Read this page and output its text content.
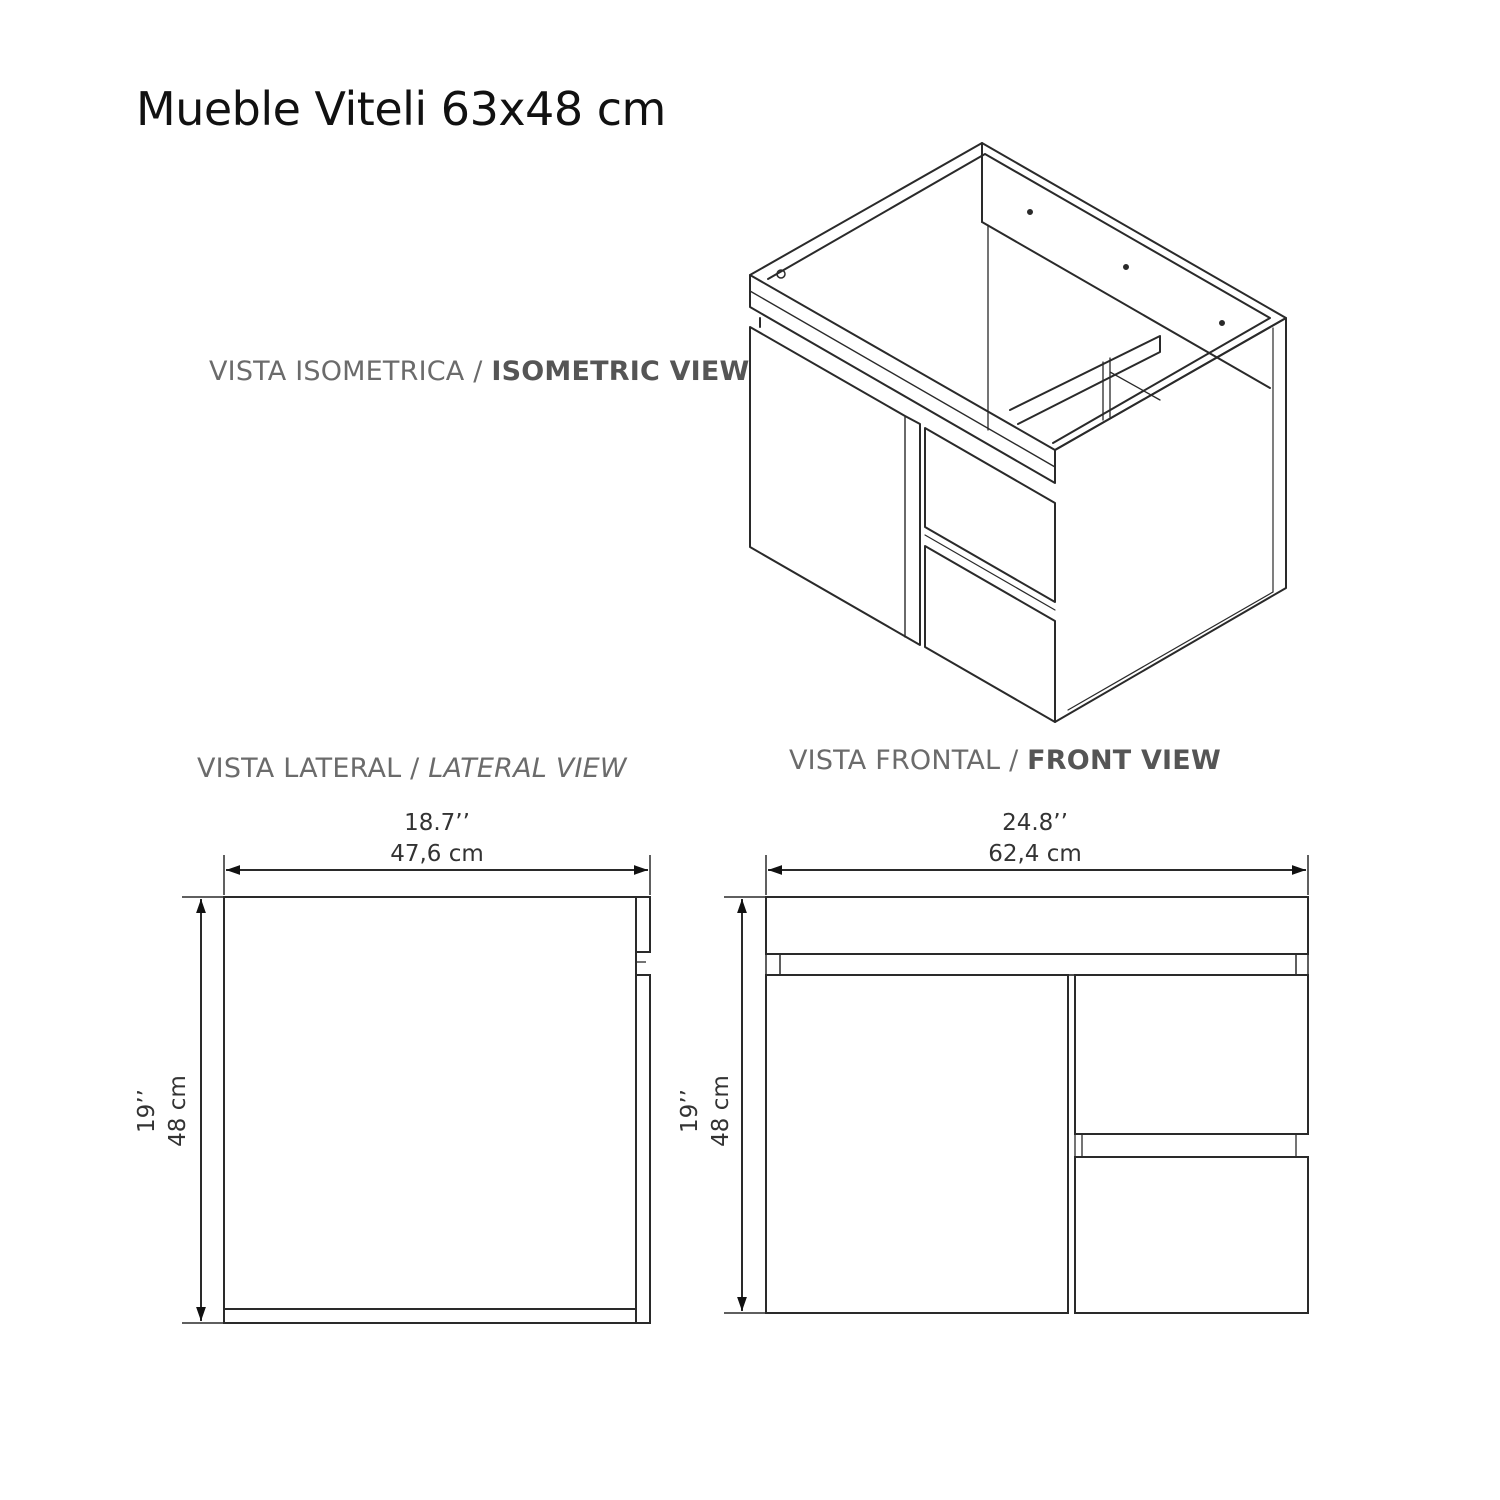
Mueble Viteli 63x48 cm
VISTA ISOMETRICA / ISOMETRIC VIEW
VISTA LATERAL / LATERAL VIEW	VISTA FRONTAL / FRONT VIEW
18.7’’
47,6 cm
24.8’’
62,4 cm
19’’ 48 cm	19’’ 48 cm
